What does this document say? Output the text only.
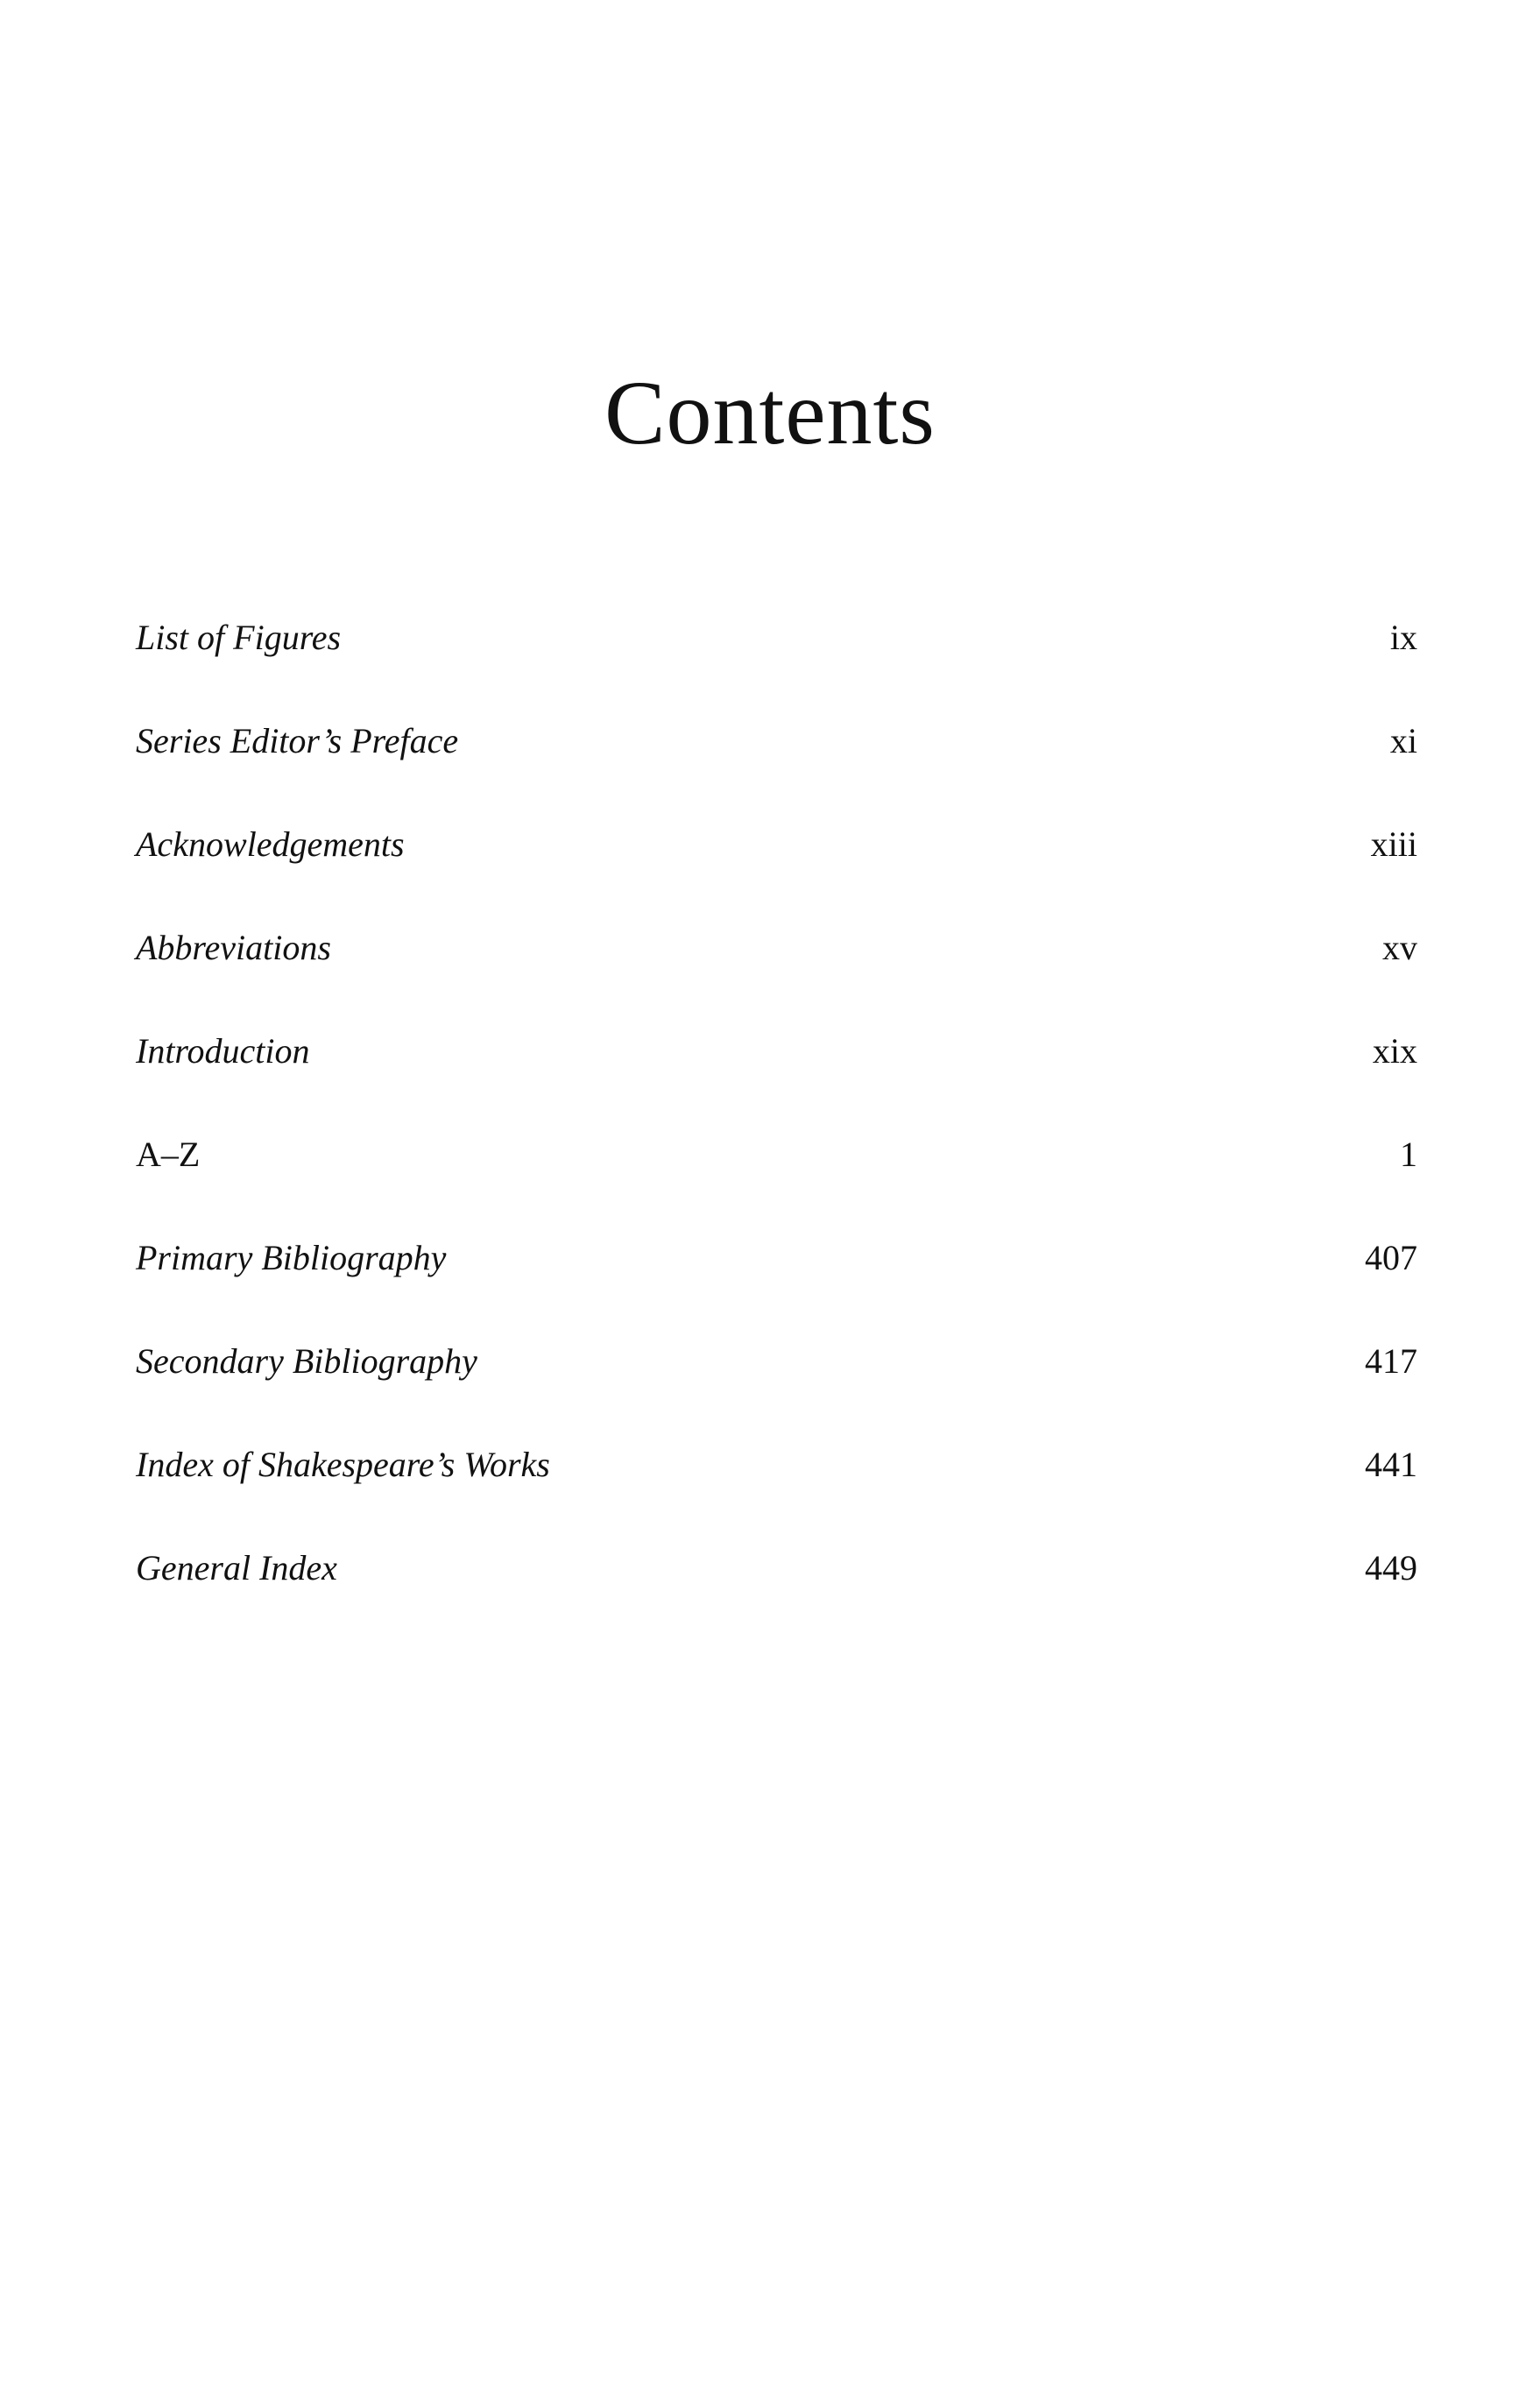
Contents
List of Figures	ix
Series Editor’s Preface	xi
Acknowledgements	xiii
Abbreviations	xv
Introduction	xix
A–Z	1
Primary Bibliography	407
Secondary Bibliography	417
Index of Shakespeare’s Works	441
General Index	449
